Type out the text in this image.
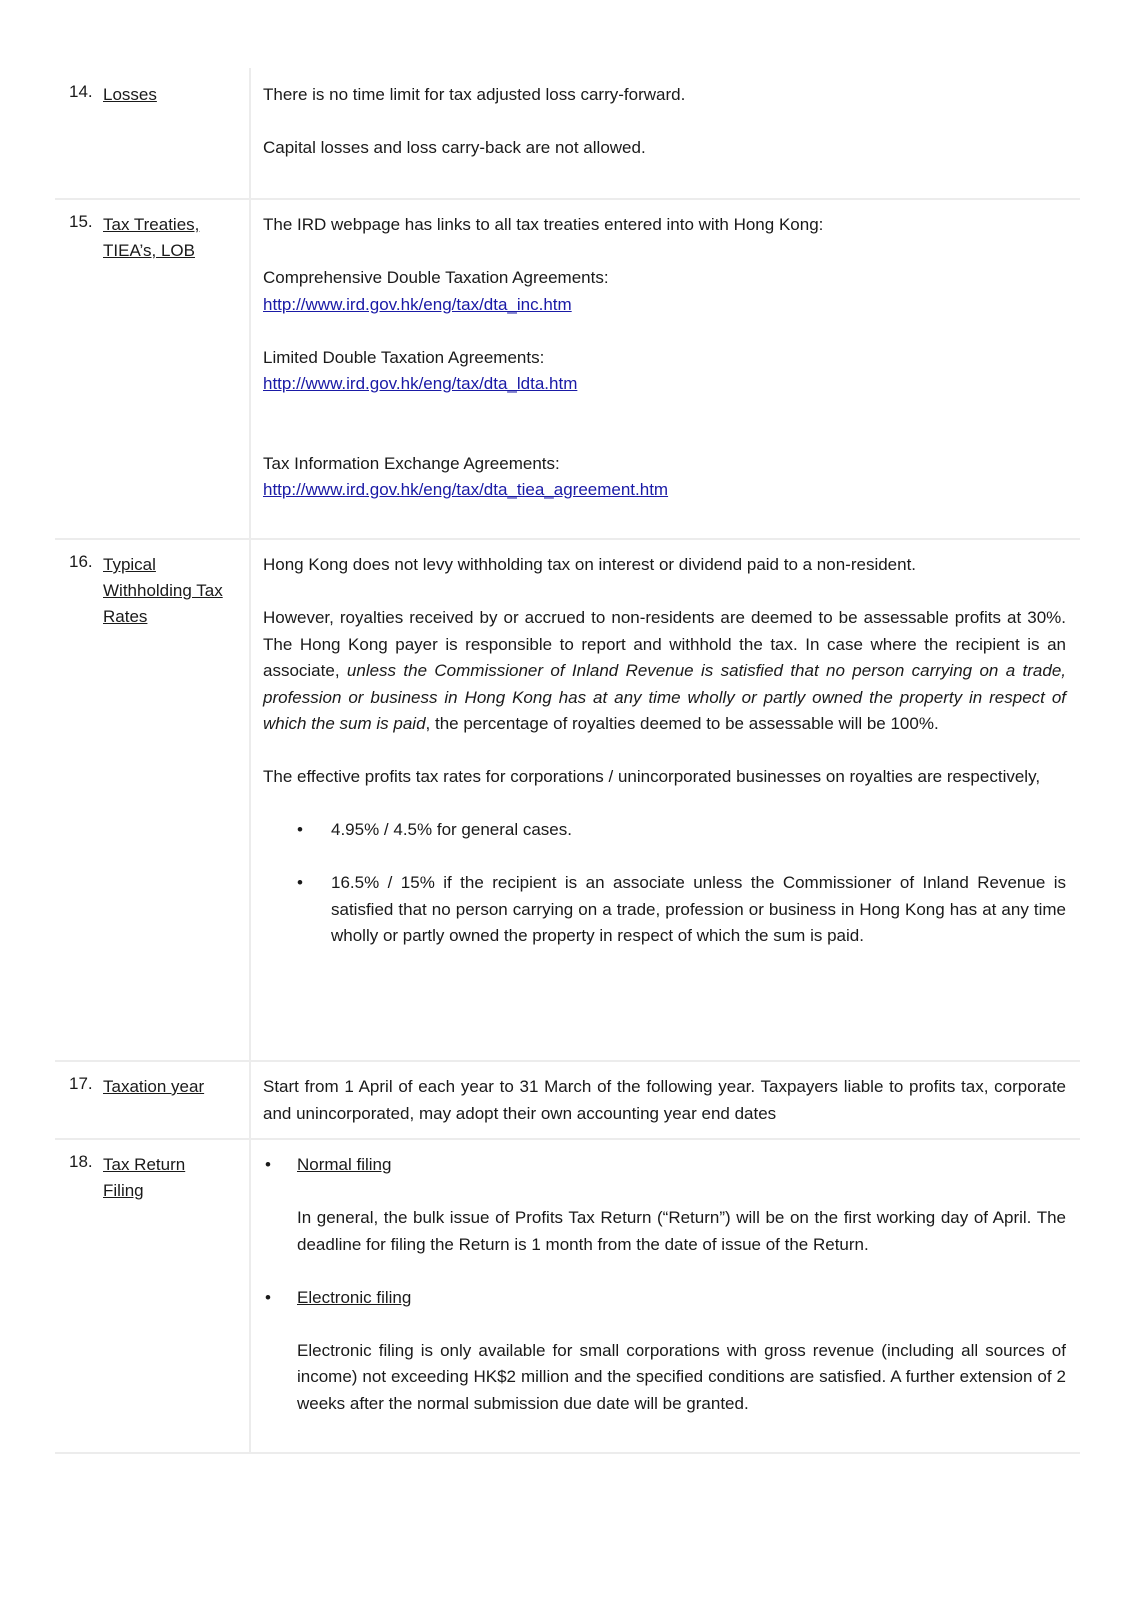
14. Losses	There is no time limit for tax adjusted loss carry-forward.

Capital losses and loss carry-back are not allowed.

15. Tax Treaties,
TIEA’s, LOB

The IRD webpage has links to all tax treaties entered into with Hong Kong:

Comprehensive Double Taxation Agreements:

http://www.ird.gov.hk/eng/tax/dta_inc.htm

Limited Double Taxation Agreements:

http://www.ird.gov.hk/eng/tax/dta_ldta.htm

Tax Information Exchange Agreements:

http://www.ird.gov.hk/eng/tax/dta_tiea_agreement.htm

16. Typical
Withholding Tax
Rates

Hong Kong does not levy withholding tax on interest or dividend paid to a non-resident.

However, royalties received by or accrued to non-residents are deemed to be assessable profits at 30%. The Hong Kong payer is responsible to report and withhold the tax. In case where the recipient is an associate, unless the Commissioner of Inland Revenue is satisfied that no person carrying on a trade, profession or business in Hong Kong has at any time wholly or partly owned the property in respect of which the sum is paid, the percentage of royalties deemed to be assessable will be 100%.

The effective profits tax rates for corporations / unincorporated businesses on royalties are respectively,

• 4.95% / 4.5% for general cases.

• 16.5% / 15% if the recipient is an associate unless the Commissioner of Inland Revenue is satisfied that no person carrying on a trade, profession or business in Hong Kong has at any time wholly or partly owned the property in respect of which the sum is paid.

17. Taxation year	Start from 1 April of each year to 31 March of the following year. Taxpayers liable to profits tax, corporate and unincorporated, may adopt their own accounting year end dates

18. Tax Return
Filing

• Normal filing

In general, the bulk issue of Profits Tax Return (“Return”) will be on the first working day of April. The deadline for filing the Return is 1 month from the date of issue of the Return.

• Electronic filing

Electronic filing is only available for small corporations with gross revenue (including all sources of income) not exceeding HK$2 million and the specified conditions are satisfied. A further extension of 2 weeks after the normal submission due date will be granted.
